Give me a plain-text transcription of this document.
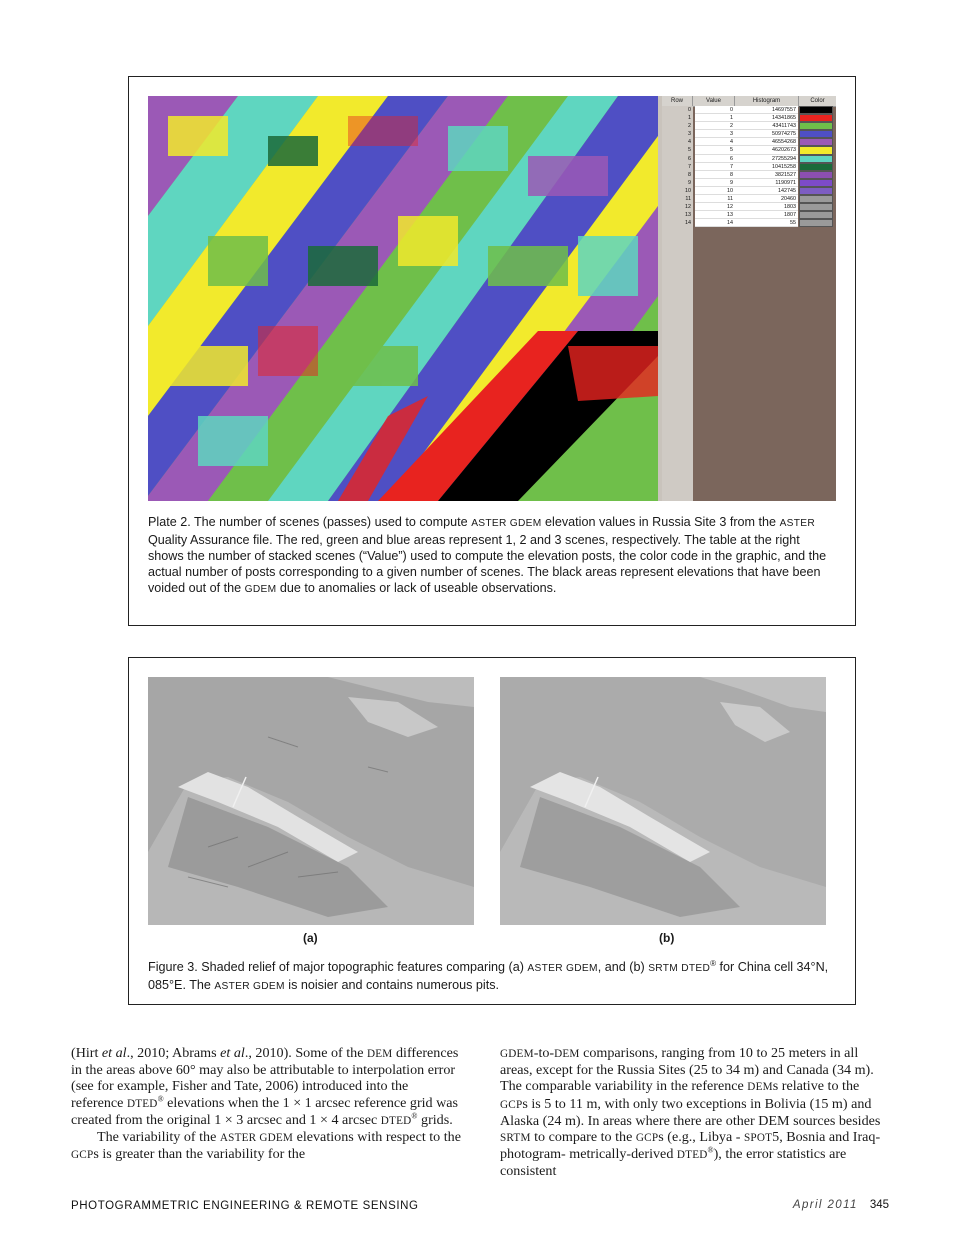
Row	Value	Histogram	Color
0	0	14697557
1	1	14341865
2	2	43411743
3	3	50974275
4	4	46554268
5	5	46202673
6	6	27255294
7	7	10415258
8	8	3821527
9	9	1190971
10	10	142745
11	11	20460
12	12	1803
13	13	1807
14	14	55
Plate 2. The number of scenes (passes) used to compute ASTER GDEM elevation values in Russia Site 3 from the ASTER Quality Assurance file. The red, green and blue areas represent 1, 2 and 3 scenes, respectively. The table at the right shows the number of stacked scenes (“Value”) used to compute the elevation posts, the color code in the graphic, and the actual number of posts corresponding to a given number of scenes. The black areas represent elevations that have been voided out of the GDEM due to anomalies or lack of useable observations.
(a)	(b)
Figure 3. Shaded relief of major topographic features comparing (a) ASTER GDEM, and (b) SRTM DTED® for China cell 34°N, 085°E. The ASTER GDEM is noisier and contains numerous pits.

(Hirt et al., 2010; Abrams et al., 2010). Some of the DEM differences in the areas above 60° may also be attributable to interpolation error (see for example, Fisher and Tate, 2006) introduced into the reference DTED® elevations when the 1 × 1 arcsec reference grid was created from the original 1 × 3 arcsec and 1 × 4 arcsec DTED® grids.

The variability of the ASTER GDEM elevations with respect to the GCPs is greater than the variability for the

GDEM-to-DEM comparisons, ranging from 10 to 25 meters in all areas, except for the Russia Sites (25 to 34 m) and Canada (34 m). The comparable variability in the reference DEMs relative to the GCPs is 5 to 11 m, with only two exceptions in Bolivia (15 m) and Alaska (24 m). In areas where there are other DEM sources besides SRTM to compare to the GCPs (e.g., Libya - SPOT5, Bosnia and Iraq-photogram- metrically-derived DTED®), the error statistics are consistent

PHOTOGRAMMETRIC ENGINEERING & REMOTE SENSING	April 2011 345
